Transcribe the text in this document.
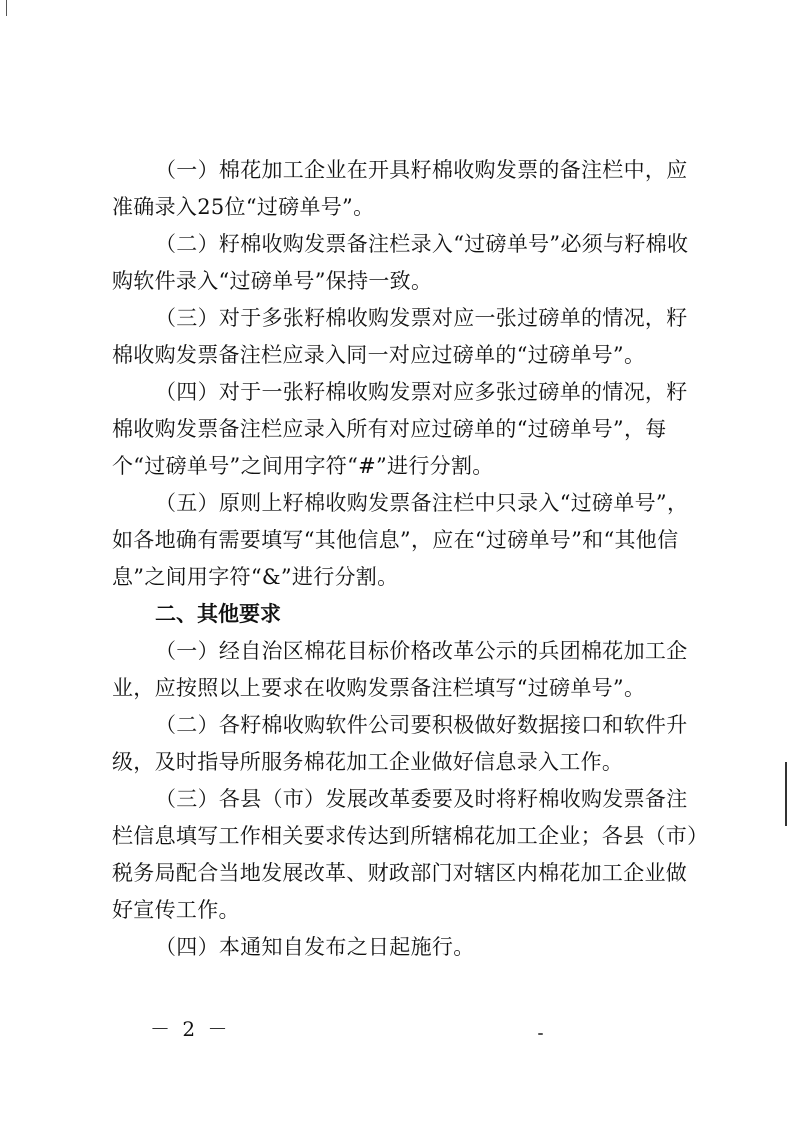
（一）棉花加工企业在开具籽棉收购发票的备注栏中，应准确录入25位“过磅单号”。

（二）籽棉收购发票备注栏录入“过磅单号”必须与籽棉收购软件录入“过磅单号”保持一致。

（三）对于多张籽棉收购发票对应一张过磅单的情况，籽棉收购发票备注栏应录入同一对应过磅单的“过磅单号”。

（四）对于一张籽棉收购发票对应多张过磅单的情况，籽棉收购发票备注栏应录入所有对应过磅单的“过磅单号”，每个“过磅单号”之间用字符“#”进行分割。

（五）原则上籽棉收购发票备注栏中只录入“过磅单号”，如各地确有需要填写“其他信息”，应在“过磅单号”和“其他信息”之间用字符“&”进行分割。

二、其他要求

（一）经自治区棉花目标价格改革公示的兵团棉花加工企业，应按照以上要求在收购发票备注栏填写“过磅单号”。

（二）各籽棉收购软件公司要积极做好数据接口和软件升级，及时指导所服务棉花加工企业做好信息录入工作。

（三）各县（市）发展改革委要及时将籽棉收购发票备注栏信息填写工作相关要求传达到所辖棉花加工企业；各县（市）税务局配合当地发展改革、财政部门对辖区内棉花加工企业做好宣传工作。

（四）本通知自发布之日起施行。

－ 2 －
